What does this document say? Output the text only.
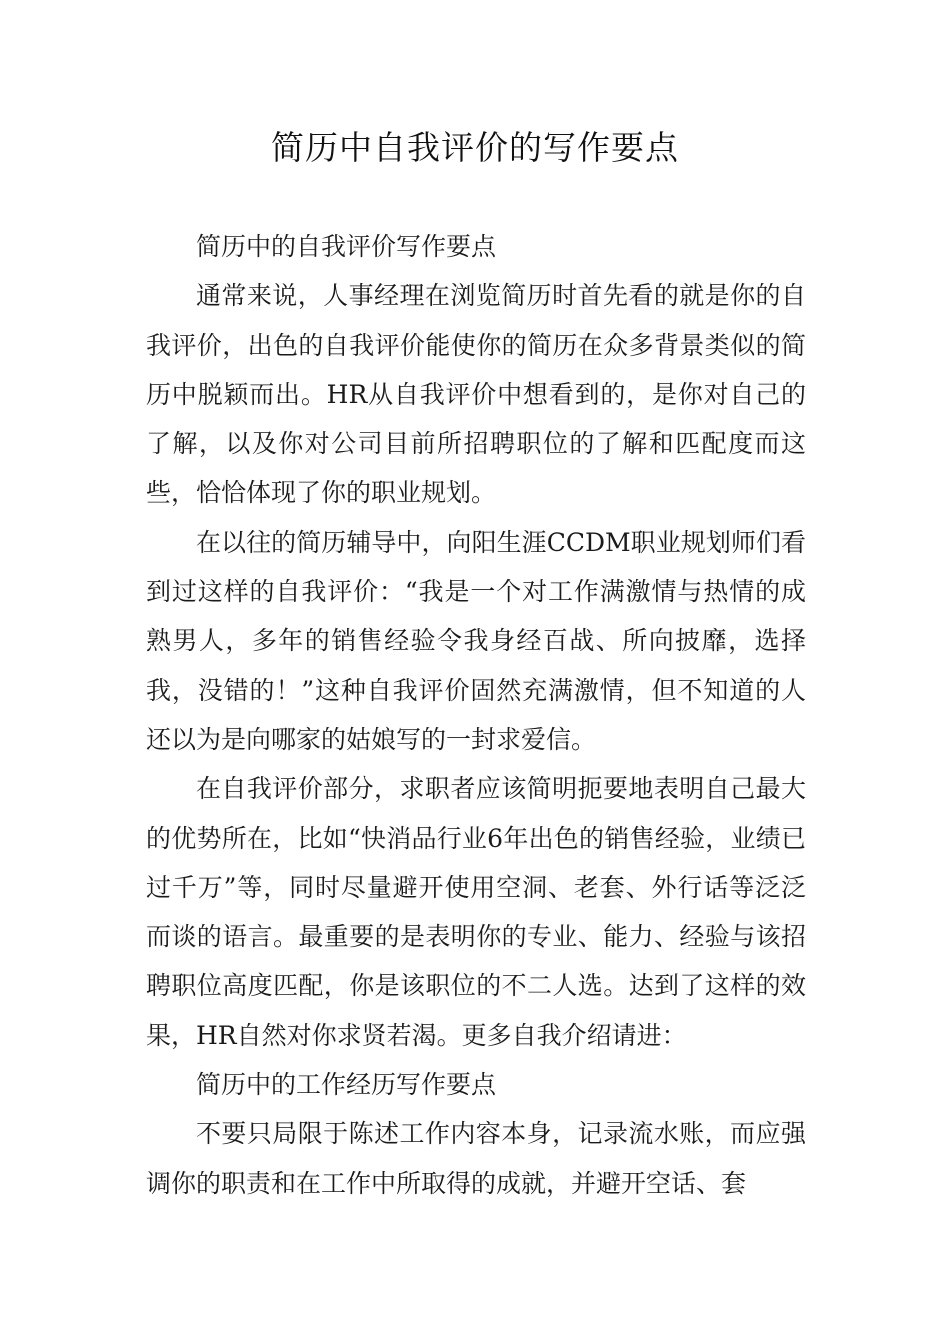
简历中自我评价的写作要点

简历中的自我评价写作要点

通常来说，人事经理在浏览简历时首先看的就是你的自我评价，出色的自我评价能使你的简历在众多背景类似的简历中脱颖而出。HR从自我评价中想看到的，是你对自己的了解，以及你对公司目前所招聘职位的了解和匹配度而这些，恰恰体现了你的职业规划。

在以往的简历辅导中，向阳生涯CCDM职业规划师们看到过这样的自我评价：“我是一个对工作满激情与热情的成熟男人，多年的销售经验令我身经百战、所向披靡，选择我，没错的！”这种自我评价固然充满激情，但不知道的人还以为是向哪家的姑娘写的一封求爱信。

在自我评价部分，求职者应该简明扼要地表明自己最大的优势所在，比如“快消品行业6年出色的销售经验，业绩已过千万”等，同时尽量避开使用空洞、老套、外行话等泛泛而谈的语言。最重要的是表明你的专业、能力、经验与该招聘职位高度匹配，你是该职位的不二人选。达到了这样的效果，HR自然对你求贤若渴。更多自我介绍请进：

简历中的工作经历写作要点

不要只局限于陈述工作内容本身，记录流水账，而应强调你的职责和在工作中所取得的成就，并避开空话、套
